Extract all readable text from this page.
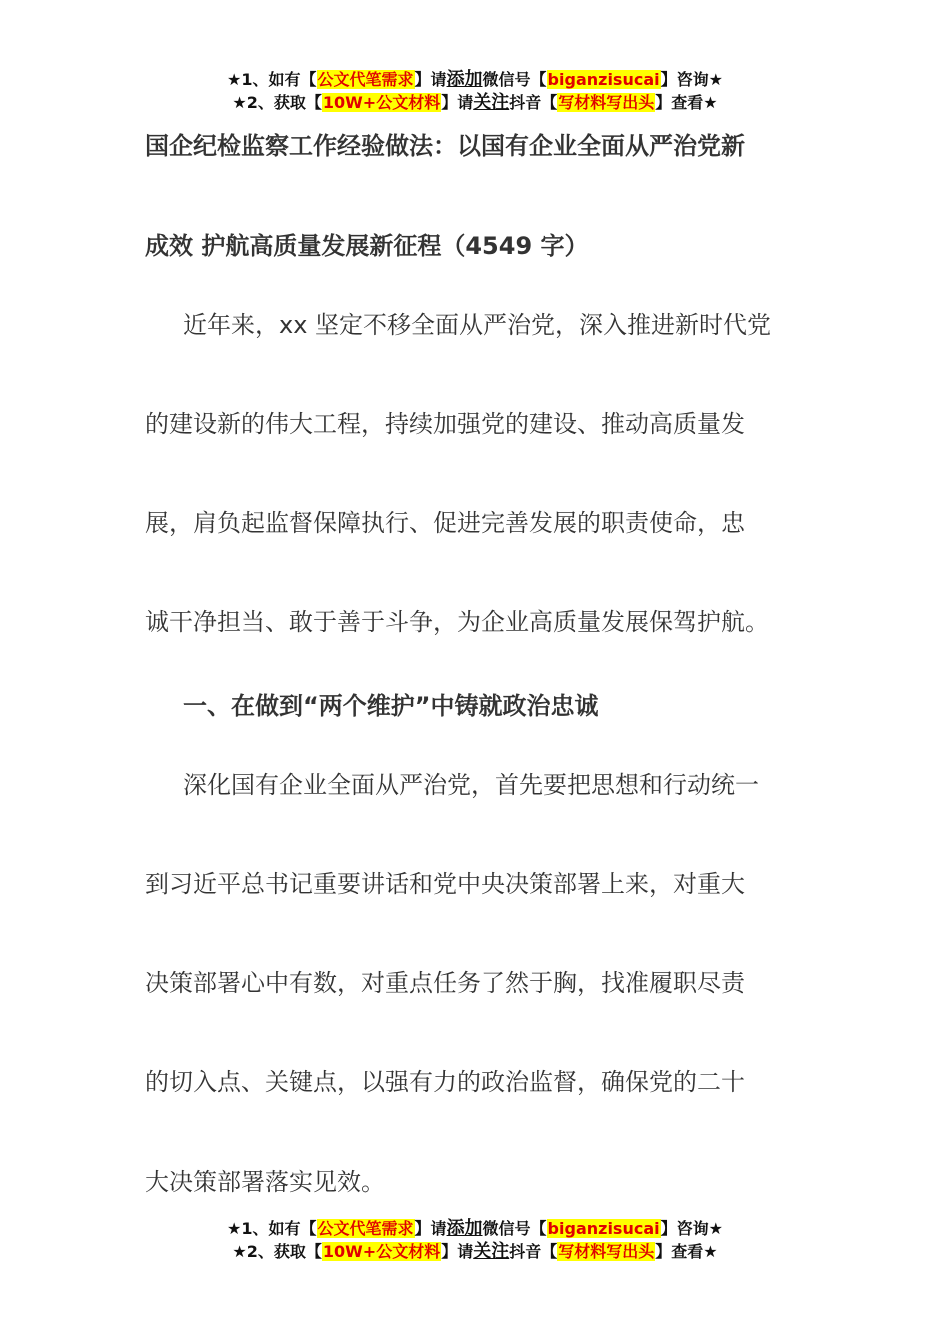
★1、如有【公文代笔需求】请添加微信号【biganzisucai】咨询★
★2、获取【10W+公文材料】请关注抖音【写材料写出头】查看★
国企纪检监察工作经验做法：以国有企业全面从严治党新
成效 护航高质量发展新征程（4549 字）
近年来，xx 坚定不移全面从严治党，深入推进新时代党
的建设新的伟大工程，持续加强党的建设、推动高质量发
展，肩负起监督保障执行、促进完善发展的职责使命，忠
诚干净担当、敢于善于斗争，为企业高质量发展保驾护航。
一、在做到“两个维护”中铸就政治忠诚
深化国有企业全面从严治党，首先要把思想和行动统一
到习近平总书记重要讲话和党中央决策部署上来，对重大
决策部署心中有数，对重点任务了然于胸，找准履职尽责
的切入点、关键点，以强有力的政治监督，确保党的二十
大决策部署落实见效。
★1、如有【公文代笔需求】请添加微信号【biganzisucai】咨询★
★2、获取【10W+公文材料】请关注抖音【写材料写出头】查看★
